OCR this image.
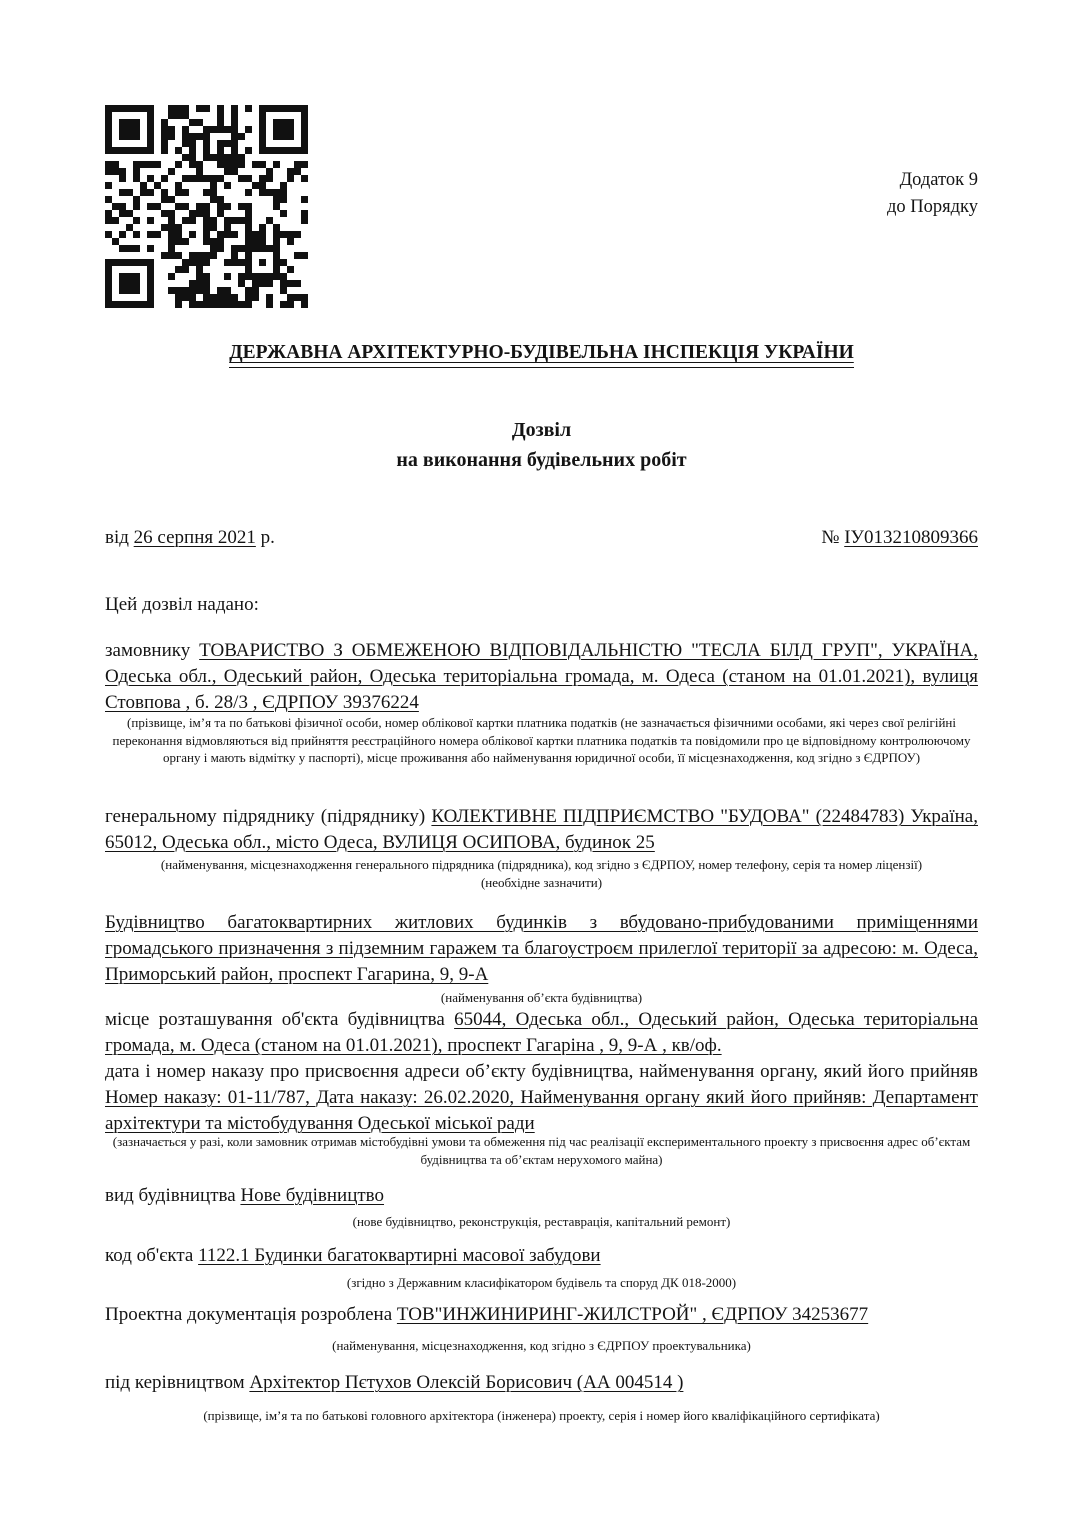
Додаток 9
до Порядку
ДЕРЖАВНА АРХІТЕКТУРНО-БУДІВЕЛЬНА ІНСПЕКЦІЯ УКРАЇНИ
Дозвіл
на виконання будівельних робіт
від 26 серпня 2021 р.	№ ІУ013210809366
Цей дозвіл надано:
замовнику ТОВАРИСТВО З ОБМЕЖЕНОЮ ВІДПОВІДАЛЬНІСТЮ "ТЕСЛА БІЛД ГРУП", УКРАЇНА, Одеська обл., Одеський район, Одеська територіальна громада, м. Одеса (станом на 01.01.2021), вулиця Стовпова , б. 28/3 , ЄДРПОУ 39376224
(прізвище, ім’я та по батькові фізичної особи, номер облікової картки платника податків (не зазначається фізичними особами, які через свої релігійні переконання відмовляються від прийняття реєстраційного номера облікової картки платника податків та повідомили про це відповідному контролюючому органу і мають відмітку у паспорті), місце проживання або найменування юридичної особи, її місцезнаходження, код згідно з ЄДРПОУ)
генеральному підряднику (підряднику) КОЛЕКТИВНЕ ПІДПРИЄМСТВО "БУДОВА" (22484783) Україна, 65012, Одеська обл., місто Одеса, ВУЛИЦЯ ОСИПОВА, будинок 25
(найменування, місцезнаходження генерального підрядника (підрядника), код згідно з ЄДРПОУ, номер телефону, серія та номер ліцензії)
(необхідне зазначити)
Будівництво багатоквартирних житлових будинків з вбудовано-прибудованими приміщеннями громадського призначення з підземним гаражем та благоустроєм прилеглої території за адресою: м. Одеса, Приморський район, проспект Гагарина, 9, 9-А
(найменування об’єкта будівництва)

місце розташування об'єкта будівництва 65044, Одеська обл., Одеський район, Одеська територіальна громада, м. Одеса (станом на 01.01.2021), проспект Гагаріна , 9, 9-А , кв/оф.

дата і номер наказу про присвоєння адреси об’єкту будівництва, найменування органу, який його прийняв Номер наказу: 01-11/787, Дата наказу: 26.02.2020, Найменування органу який його прийняв: Департамент архітектури та містобудування Одеської міської ради

(зазначається у разі, коли замовник отримав містобудівні умови та обмеження під час реалізації експериментального проекту з присвоєння адрес об’єктам будівництва та об’єктам нерухомого майна)
вид будівництва Нове будівництво
(нове будівництво, реконструкція, реставрація, капітальний ремонт)
код об'єкта 1122.1 Будинки багатоквартирні масової забудови
(згідно з Державним класифікатором будівель та споруд ДК 018-2000)
Проектна документація розроблена ТОВ"ИНЖИНИРИНГ-ЖИЛСТРОЙ" , ЄДРПОУ 34253677
(найменування, місцезнаходження, код згідно з ЄДРПОУ проектувальника)
під керівництвом Архітектор Пєтухов Олексій Борисович (АА 004514 )
(прізвище, ім’я та по батькові головного архітектора (інженера) проекту, серія і номер його кваліфікаційного сертифіката)
